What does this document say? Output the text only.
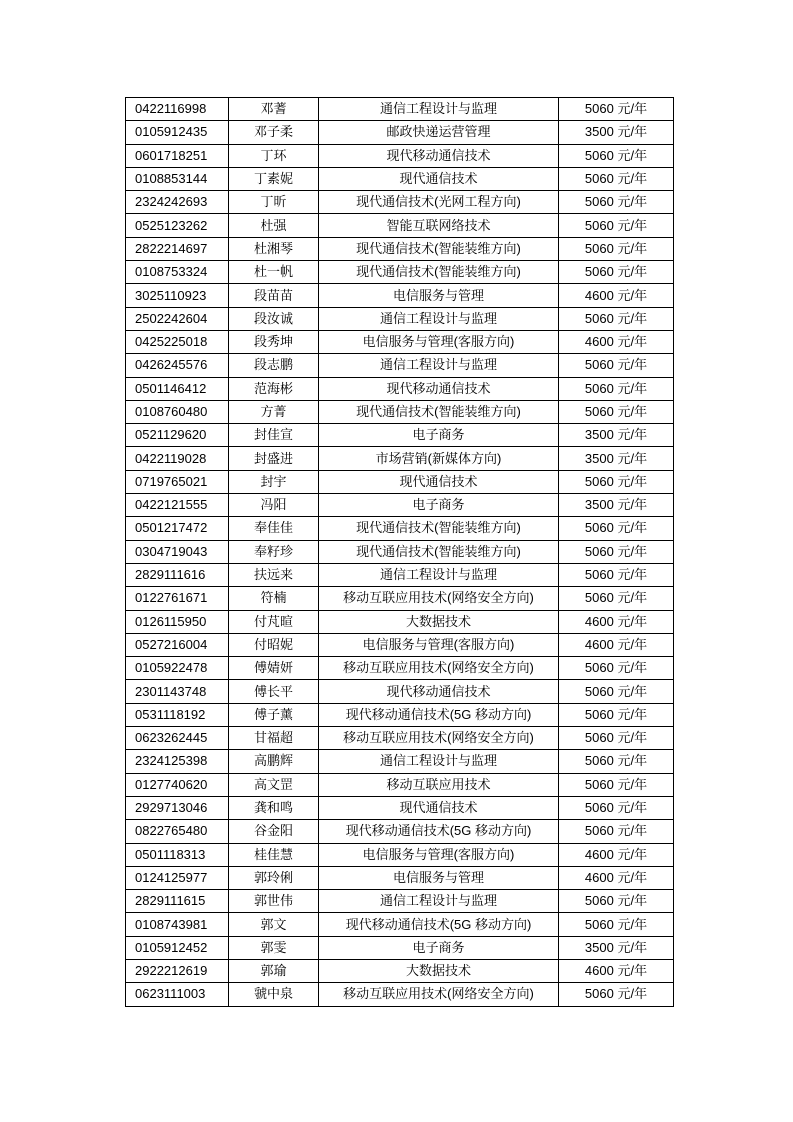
0422116998	邓蓍	通信工程设计与监理	5060 元/年
0105912435	邓子柔	邮政快递运营管理	3500 元/年
0601718251	丁环	现代移动通信技术	5060 元/年
0108853144	丁素妮	现代通信技术	5060 元/年
2324242693	丁昕	现代通信技术(光网工程方向)	5060 元/年
0525123262	杜强	智能互联网络技术	5060 元/年
2822214697	杜湘琴	现代通信技术(智能装维方向)	5060 元/年
0108753324	杜一帆	现代通信技术(智能装维方向)	5060 元/年
3025110923	段苗苗	电信服务与管理	4600 元/年
2502242604	段汝诚	通信工程设计与监理	5060 元/年
0425225018	段秀坤	电信服务与管理(客服方向)	4600 元/年
0426245576	段志鹏	通信工程设计与监理	5060 元/年
0501146412	范海彬	现代移动通信技术	5060 元/年
0108760480	方菁	现代通信技术(智能装维方向)	5060 元/年
0521129620	封佳宣	电子商务	3500 元/年
0422119028	封盛进	市场营销(新媒体方向)	3500 元/年
0719765021	封宇	现代通信技术	5060 元/年
0422121555	冯阳	电子商务	3500 元/年
0501217472	奉佳佳	现代通信技术(智能装维方向)	5060 元/年
0304719043	奉籽珍	现代通信技术(智能装维方向)	5060 元/年
2829111616	扶远来	通信工程设计与监理	5060 元/年
0122761671	符楠	移动互联应用技术(网络安全方向)	5060 元/年
0126115950	付芃暄	大数据技术	4600 元/年
0527216004	付昭妮	电信服务与管理(客服方向)	4600 元/年
0105922478	傅婧妍	移动互联应用技术(网络安全方向)	5060 元/年
2301143748	傅长平	现代移动通信技术	5060 元/年
0531118192	傅子薰	现代移动通信技术(5G 移动方向)	5060 元/年
0623262445	甘福超	移动互联应用技术(网络安全方向)	5060 元/年
2324125398	高鹏辉	通信工程设计与监理	5060 元/年
0127740620	高文罡	移动互联应用技术	5060 元/年
2929713046	龚和鸣	现代通信技术	5060 元/年
0822765480	谷金阳	现代移动通信技术(5G 移动方向)	5060 元/年
0501118313	桂佳慧	电信服务与管理(客服方向)	4600 元/年
0124125977	郭玲俐	电信服务与管理	4600 元/年
2829111615	郭世伟	通信工程设计与监理	5060 元/年
0108743981	郭文	现代移动通信技术(5G 移动方向)	5060 元/年
0105912452	郭雯	电子商务	3500 元/年
2922212619	郭瑜	大数据技术	4600 元/年
0623111003	虢中泉	移动互联应用技术(网络安全方向)	5060 元/年
